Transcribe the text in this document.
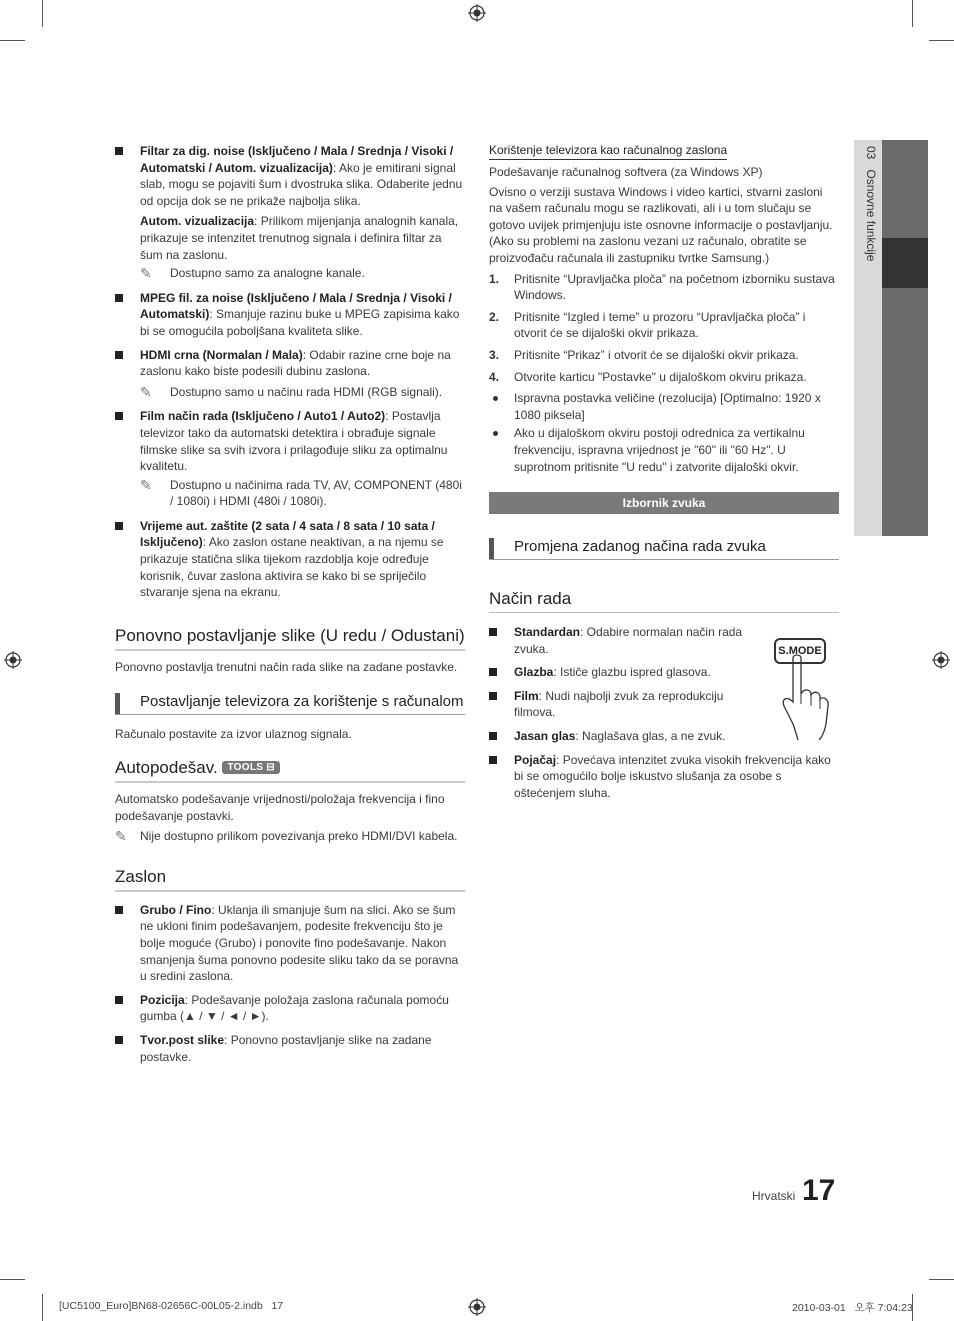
03   Osnovne funkcije
Filtar za dig. noise (Isključeno / Mala / Srednja / Visoki / Automatski / Autom. vizualizacija): Ako je emitirani signal slab, mogu se pojaviti šum i dvostruka slika. Odaberite jednu od opcija dok se ne prikaže najbolja slika.
Autom. vizualizacija: Prilikom mijenjanja analognih kanala, prikazuje se intenzitet trenutnog signala i definira filtar za šum na zaslonu.
✎ Dostupno samo za analogne kanale.
MPEG fil. za noise (Isključeno / Mala / Srednja / Visoki / Automatski): Smanjuje razinu buke u MPEG zapisima kako bi se omogućila poboljšana kvaliteta slike.
HDMI crna (Normalan / Mala): Odabir razine crne boje na zaslonu kako biste podesili dubinu zaslona.
✎ Dostupno samo u načinu rada HDMI (RGB signali).
Film način rada (Isključeno / Auto1 / Auto2): Postavlja televizor tako da automatski detektira i obrađuje signale filmske slike sa svih izvora i prilagođuje sliku za optimalnu kvalitetu.
✎ Dostupno u načinima rada TV, AV, COMPONENT (480i / 1080i) i HDMI (480i / 1080i).
Vrijeme aut. zaštite (2 sata / 4 sata / 8 sata / 10 sata / Isključeno): Ako zaslon ostane neaktivan, a na njemu se prikazuje statična slika tijekom razdoblja koje određuje korisnik, čuvar zaslona aktivira se kako bi se spriječilo stvaranje sjena na ekranu.
Ponovno postavljanje slike (U redu / Odustani)
Ponovno postavlja trenutni način rada slike na zadane postavke.
Postavljanje televizora za korištenje s računalom
Računalo postavite za izvor ulaznog signala.
Autopodešav. TOOLS ⊟
Automatsko podešavanje vrijednosti/položaja frekvencija i fino podešavanje postavki.
✎ Nije dostupno prilikom povezivanja preko HDMI/DVI kabela.
Zaslon
Grubo / Fino: Uklanja ili smanjuje šum na slici. Ako se šum ne ukloni finim podešavanjem, podesite frekvenciju što je bolje moguće (Grubo) i ponovite fino podešavanje. Nakon smanjenja šuma ponovno podesite sliku tako da se poravna u sredini zaslona.
Pozicija: Podešavanje položaja zaslona računala pomoću gumba (▲ / ▼ / ◄ / ►).
Tvor.post slike: Ponovno postavljanje slike na zadane postavke.
Korištenje televizora kao računalnog zaslona
Podešavanje računalnog softvera (za Windows XP)
Ovisno o verziji sustava Windows i video kartici, stvarni zasloni na vašem računalu mogu se razlikovati, ali i u tom slučaju se gotovo uvijek primjenjuju iste osnovne informacije o postavljanju. (Ako su problemi na zaslonu vezani uz računalo, obratite se proizvođaču računala ili zastupniku tvrtke Samsung.)
1. Pritisnite “Upravljačka ploča” na početnom izborniku sustava Windows.
2. Pritisnite “Izgled i teme” u prozoru “Upravljačka ploča” i otvorit će se dijaloški okvir prikaza.
3. Pritisnite “Prikaz” i otvorit će se dijaloški okvir prikaza.
4. Otvorite karticu "Postavke" u dijaloškom okviru prikaza.
Ispravna postavka veličine (rezolucija) [Optimalno: 1920 x 1080 piksela]
Ako u dijaloškom okviru postoji odrednica za vertikalnu frekvenciju, ispravna vrijednost je "60" ili "60 Hz". U suprotnom pritisnite "U redu" i zatvorite dijaloški okvir.
Izbornik zvuka
Promjena zadanog načina rada zvuka
Način rada
S.MODE
Standardan: Odabire normalan način rada zvuka.
Glazba: Ističe glazbu ispred glasova.
Film: Nudi najbolji zvuk za reprodukciju filmova.
Jasan glas: Naglašava glas, a ne zvuk.
Pojačaj: Povećava intenzitet zvuka visokih frekvencija kako bi se omogućilo bolje iskustvo slušanja za osobe s oštećenjem sluha.
Hrvatski 17
[UC5100_Euro]BN68-02656C-00L05-2.indb   17	2010-03-01   오후 7:04:23
